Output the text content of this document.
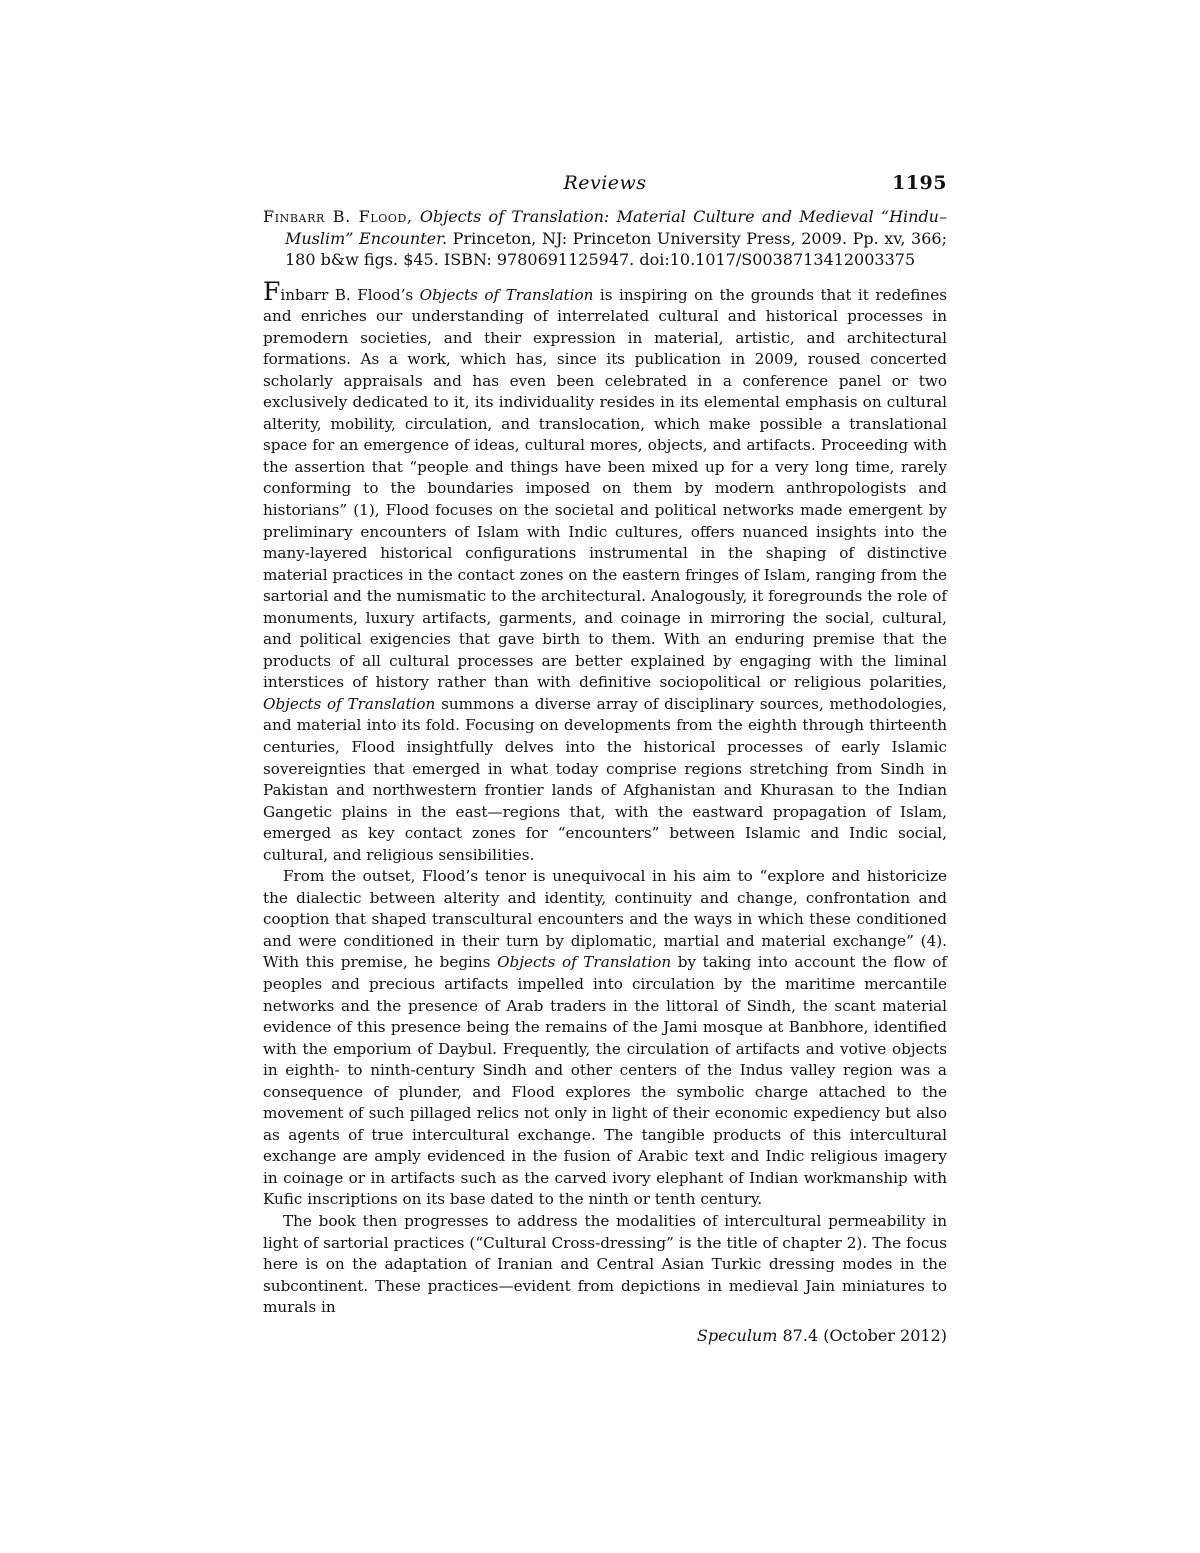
Reviews	1195
Finbarr B. Flood, Objects of Translation: Material Culture and Medieval “Hindu–Muslim” Encounter. Princeton, NJ: Princeton University Press, 2009. Pp. xv, 366; 180 b&w figs. $45. ISBN: 9780691125947. doi:10.1017/S0038713412003375

Finbarr B. Flood’s Objects of Translation is inspiring on the grounds that it redefines and enriches our understanding of interrelated cultural and historical processes in premodern societies, and their expression in material, artistic, and architectural formations. As a work, which has, since its publication in 2009, roused concerted scholarly appraisals and has even been celebrated in a conference panel or two exclusively dedicated to it, its individuality resides in its elemental emphasis on cultural alterity, mobility, circulation, and translocation, which make possible a translational space for an emergence of ideas, cultural mores, objects, and artifacts. Proceeding with the assertion that “people and things have been mixed up for a very long time, rarely conforming to the boundaries imposed on them by modern anthropologists and historians” (1), Flood focuses on the societal and political networks made emergent by preliminary encounters of Islam with Indic cultures, offers nuanced insights into the many-layered historical configurations instrumental in the shaping of distinctive material practices in the contact zones on the eastern fringes of Islam, ranging from the sartorial and the numismatic to the architectural. Analogously, it foregrounds the role of monuments, luxury artifacts, garments, and coinage in mirroring the social, cultural, and political exigencies that gave birth to them. With an enduring premise that the products of all cultural processes are better explained by engaging with the liminal interstices of history rather than with definitive sociopolitical or religious polarities, Objects of Translation summons a diverse array of disciplinary sources, methodologies, and material into its fold. Focusing on developments from the eighth through thirteenth centuries, Flood insightfully delves into the historical processes of early Islamic sovereignties that emerged in what today comprise regions stretching from Sindh in Pakistan and northwestern frontier lands of Afghanistan and Khurasan to the Indian Gangetic plains in the east—regions that, with the eastward propagation of Islam, emerged as key contact zones for “encounters” between Islamic and Indic social, cultural, and religious sensibilities.

From the outset, Flood’s tenor is unequivocal in his aim to “explore and historicize the dialectic between alterity and identity, continuity and change, confrontation and cooption that shaped transcultural encounters and the ways in which these conditioned and were conditioned in their turn by diplomatic, martial and material exchange” (4). With this premise, he begins Objects of Translation by taking into account the flow of peoples and precious artifacts impelled into circulation by the maritime mercantile networks and the presence of Arab traders in the littoral of Sindh, the scant material evidence of this presence being the remains of the Jami mosque at Banbhore, identified with the emporium of Daybul. Frequently, the circulation of artifacts and votive objects in eighth- to ninth-century Sindh and other centers of the Indus valley region was a consequence of plunder, and Flood explores the symbolic charge attached to the movement of such pillaged relics not only in light of their economic expediency but also as agents of true intercultural exchange. The tangible products of this intercultural exchange are amply evidenced in the fusion of Arabic text and Indic religious imagery in coinage or in artifacts such as the carved ivory elephant of Indian workmanship with Kufic inscriptions on its base dated to the ninth or tenth century.

The book then progresses to address the modalities of intercultural permeability in light of sartorial practices (“Cultural Cross-dressing” is the title of chapter 2). The focus here is on the adaptation of Iranian and Central Asian Turkic dressing modes in the subcontinent. These practices—evident from depictions in medieval Jain miniatures to murals in

Speculum 87.4 (October 2012)
